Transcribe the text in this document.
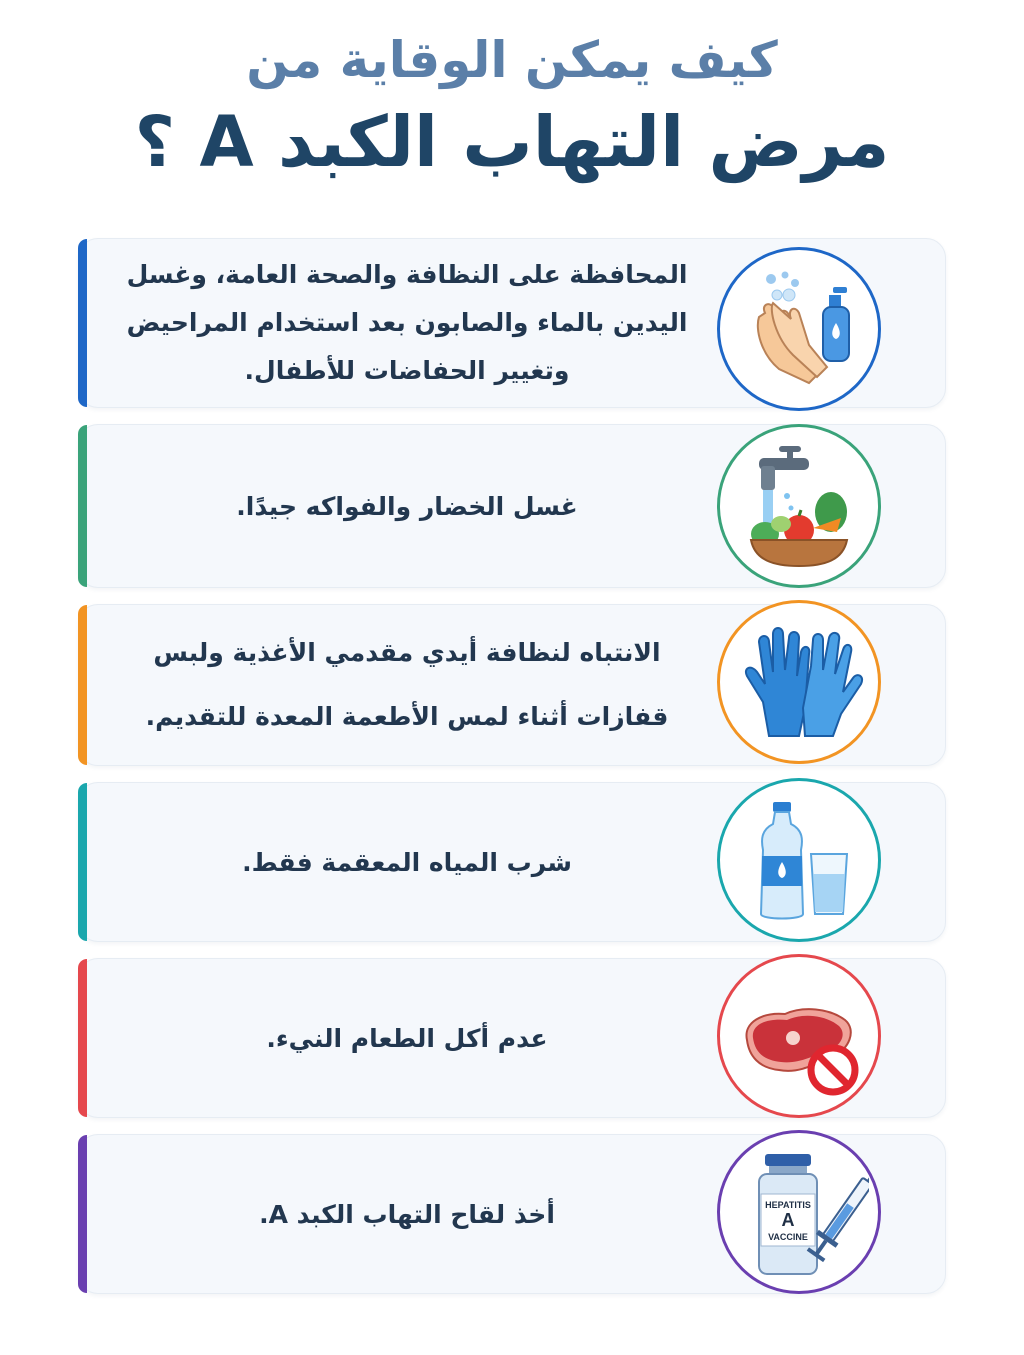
كيف يمكن الوقاية من
مرض التهاب الكبد A ؟
المحافظة على النظافة والصحة العامة، وغسل اليدين بالماء والصابون بعد استخدام المراحيض وتغيير الحفاضات للأطفال.
غسل الخضار والفواكه جيدًا.
الانتباه لنظافة أيدي مقدمي الأغذية ولبس قفازات أثناء لمس الأطعمة المعدة للتقديم.
شرب المياه المعقمة فقط.
عدم أكل الطعام النيء.
أخذ لقاح التهاب الكبد A.	HEPATITIS
A
VACCINE
